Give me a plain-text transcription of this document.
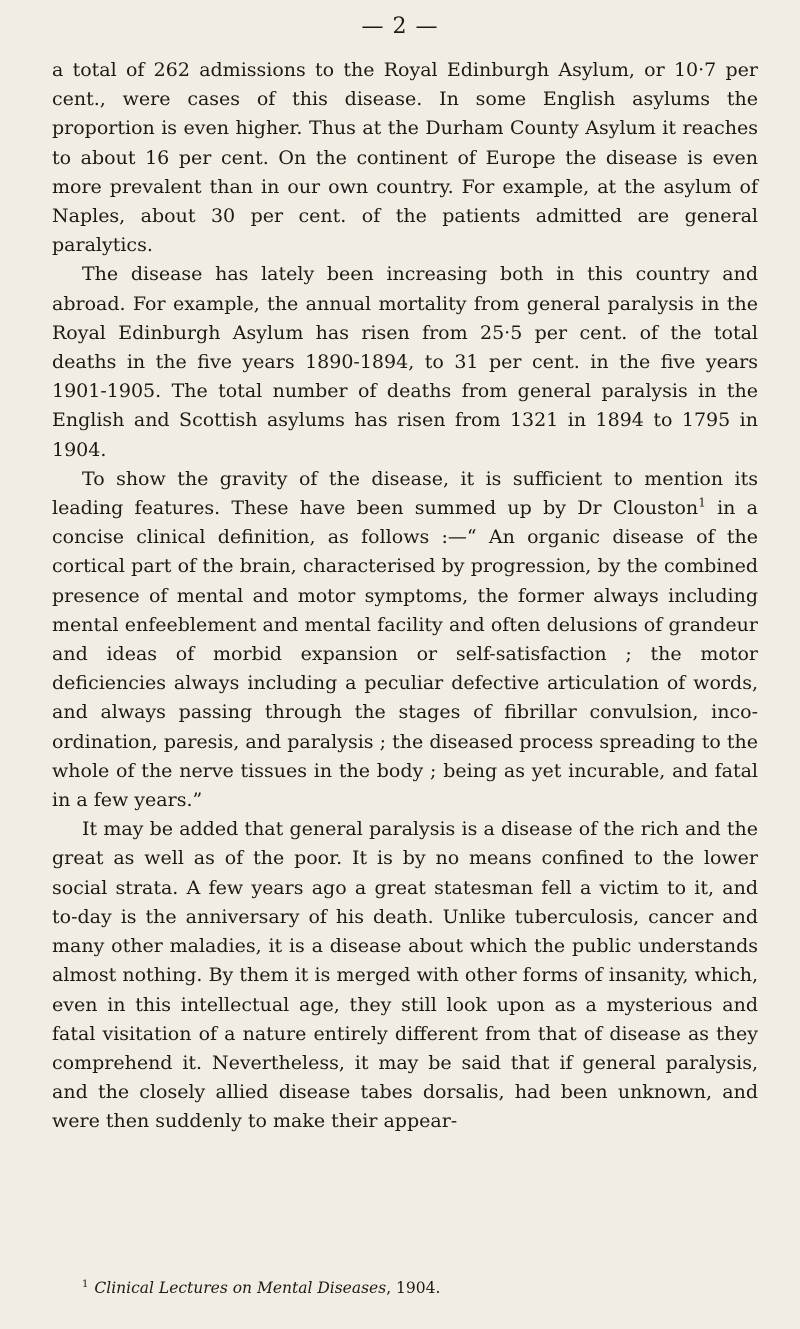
— 2 —

a total of 262 admissions to the Royal Edinburgh Asylum, or 10·7 per cent., were cases of this disease. In some English asylums the proportion is even higher. Thus at the Durham County Asylum it reaches to about 16 per cent. On the continent of Europe the disease is even more prevalent than in our own country. For example, at the asylum of Naples, about 30 per cent. of the patients admitted are general paralytics.

The disease has lately been increasing both in this country and abroad. For example, the annual mortality from general paralysis in the Royal Edinburgh Asylum has risen from 25·5 per cent. of the total deaths in the five years 1890-1894, to 31 per cent. in the five years 1901-1905. The total number of deaths from general paralysis in the English and Scottish asylums has risen from 1321 in 1894 to 1795 in 1904.

To show the gravity of the disease, it is sufficient to mention its leading features. These have been summed up by Dr Clouston$^1$ in a concise clinical definition, as follows :—“ An organic disease of the cortical part of the brain, characterised by progression, by the combined presence of mental and motor symptoms, the former always including mental enfeeblement and mental facility and often delusions of grandeur and ideas of morbid expansion or self-satisfaction ; the motor deficiencies always including a peculiar defective articulation of words, and always passing through the stages of fibrillar convulsion, inco-ordination, paresis, and paralysis ; the diseased process spreading to the whole of the nerve tissues in the body ; being as yet incurable, and fatal in a few years.”

It may be added that general paralysis is a disease of the rich and the great as well as of the poor. It is by no means confined to the lower social strata. A few years ago a great statesman fell a victim to it, and to-day is the anniversary of his death. Unlike tuberculosis, cancer and many other maladies, it is a disease about which the public understands almost nothing. By them it is merged with other forms of insanity, which, even in this intellectual age, they still look upon as a mysterious and fatal visitation of a nature entirely different from that of disease as they comprehend it. Nevertheless, it may be said that if general paralysis, and the closely allied disease tabes dorsalis, had been unknown, and were then suddenly to make their appear-

$^1$ Clinical Lectures on Mental Diseases, 1904.
